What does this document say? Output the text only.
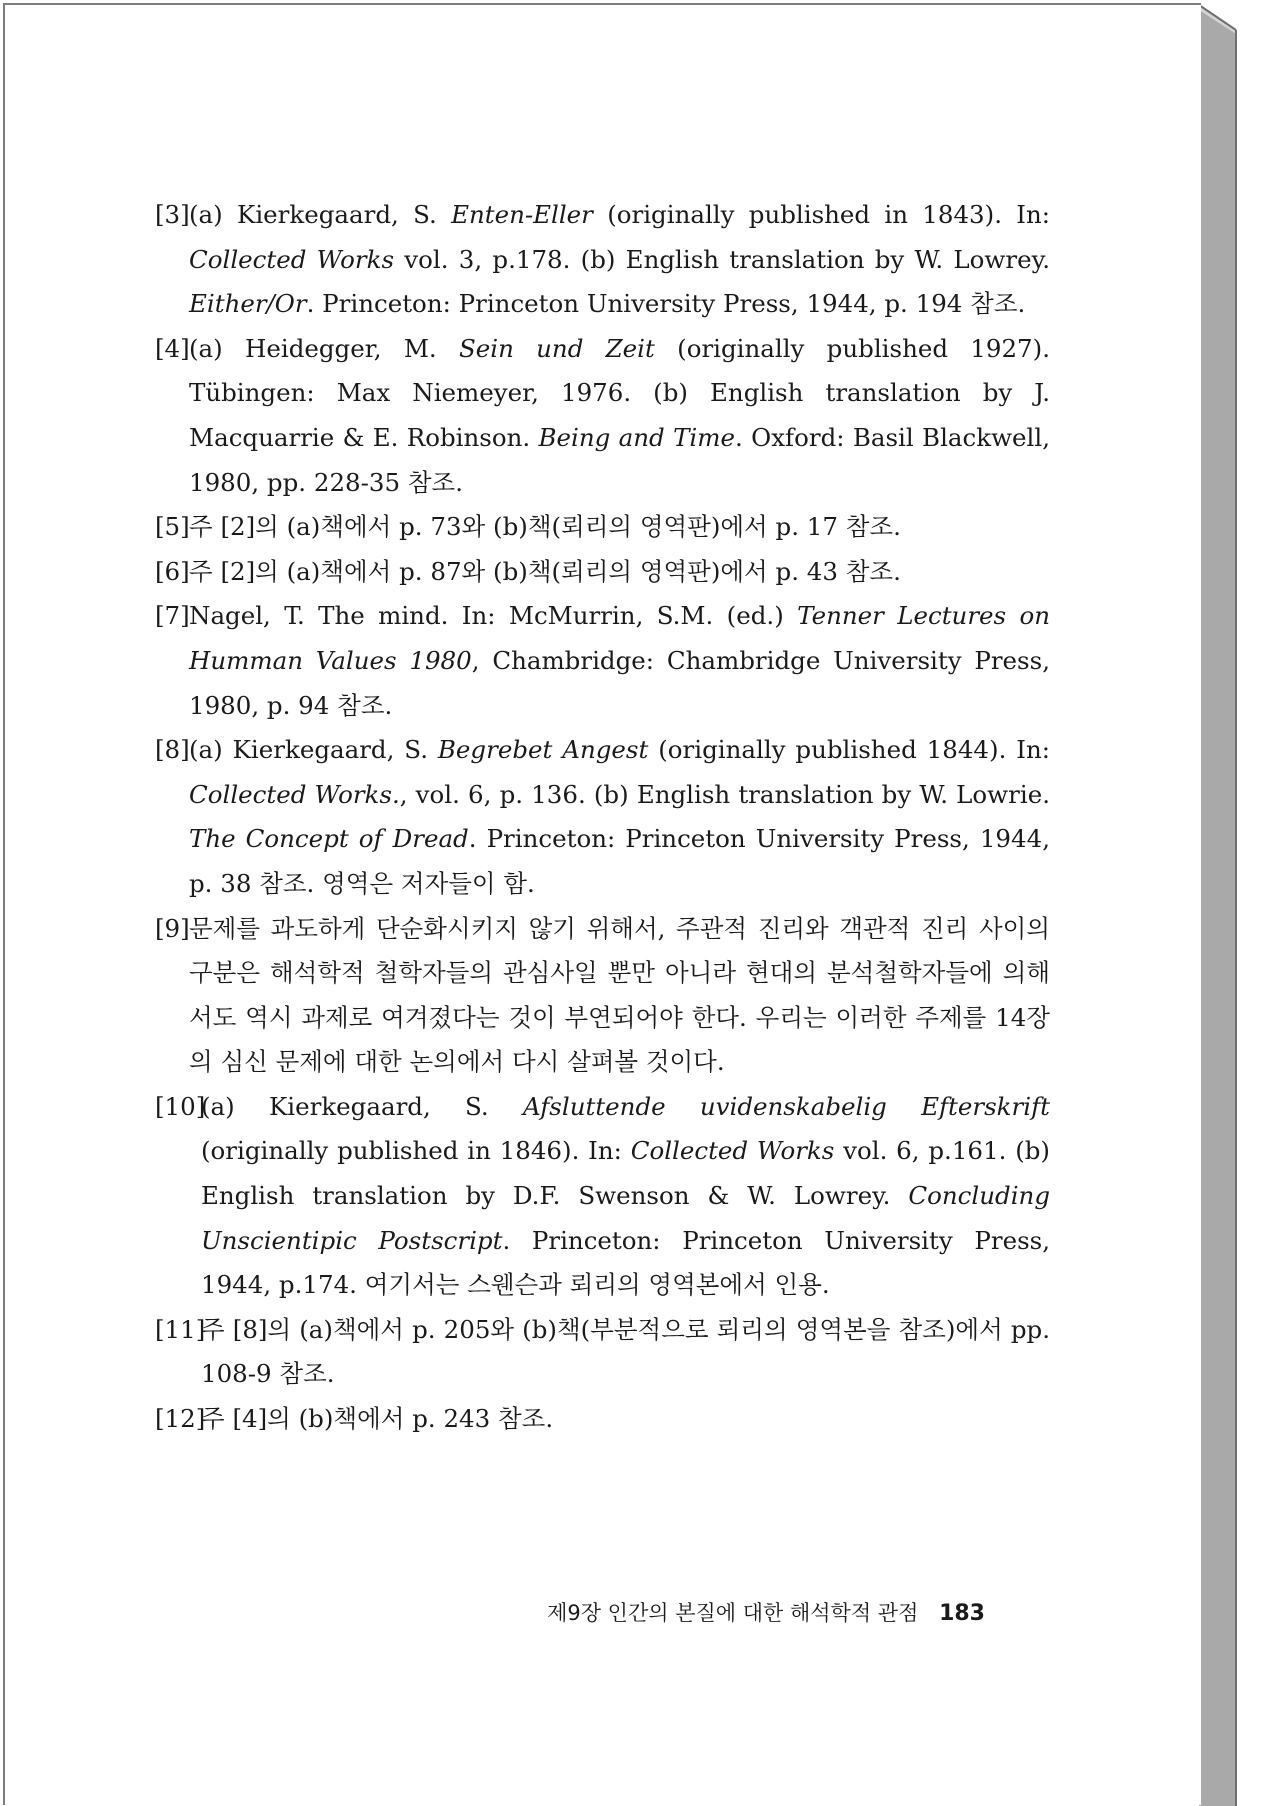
[3] (a) Kierkegaard, S. Enten-Eller (originally published in 1843). In: Collected Works vol. 3, p.178. (b) English translation by W. Lowrey. Either/Or. Princeton: Princeton University Press, 1944, p. 194 참조.
[4] (a) Heidegger, M. Sein und Zeit (originally published 1927). Tübingen: Max Niemeyer, 1976. (b) English translation by J. Macquarrie & E. Robinson. Being and Time. Oxford: Basil Blackwell, 1980, pp. 228-35 참조.
[5] 주 [2]의 (a)책에서 p. 73와 (b)책(뢰리의 영역판)에서 p. 17 참조.
[6] 주 [2]의 (a)책에서 p. 87와 (b)책(뢰리의 영역판)에서 p. 43 참조.
[7] Nagel, T. The mind. In: McMurrin, S.M. (ed.) Tenner Lectures on Humman Values 1980, Chambridge: Chambridge University Press, 1980, p. 94 참조.
[8] (a) Kierkegaard, S. Begrebet Angest (originally published 1844). In: Collected Works., vol. 6, p. 136. (b) English translation by W. Lowrie. The Concept of Dread. Princeton: Princeton University Press, 1944, p. 38 참조. 영역은 저자들이 함.
[9] 문제를 과도하게 단순화시키지 않기 위해서, 주관적 진리와 객관적 진리 사이의 구분은 해석학적 철학자들의 관심사일 뿐만 아니라 현대의 분석철학자들에 의해서도 역시 과제로 여겨졌다는 것이 부연되어야 한다. 우리는 이러한 주제를 14장의 심신 문제에 대한 논의에서 다시 살펴볼 것이다.
[10]
(a) Kierkegaard, S. Afsluttende uvidenskabelig Efterskrift (originally published in 1846). In: Collected Works vol. 6, p.161. (b) English translation by D.F. Swenson & W. Lowrey. Concluding Unscientipic Postscript. Princeton: Princeton University Press, 1944, p.174. 여기서는 스웬슨과 뢰리의 영역본에서 인용.
[11]
주 [8]의 (a)책에서 p. 205와 (b)책(부분적으로 뢰리의 영역본을 참조)에서 pp. 108-9 참조.
[12]
주 [4]의 (b)책에서 p. 243 참조.
제9장 인간의 본질에 대한 해석학적 관점 183
